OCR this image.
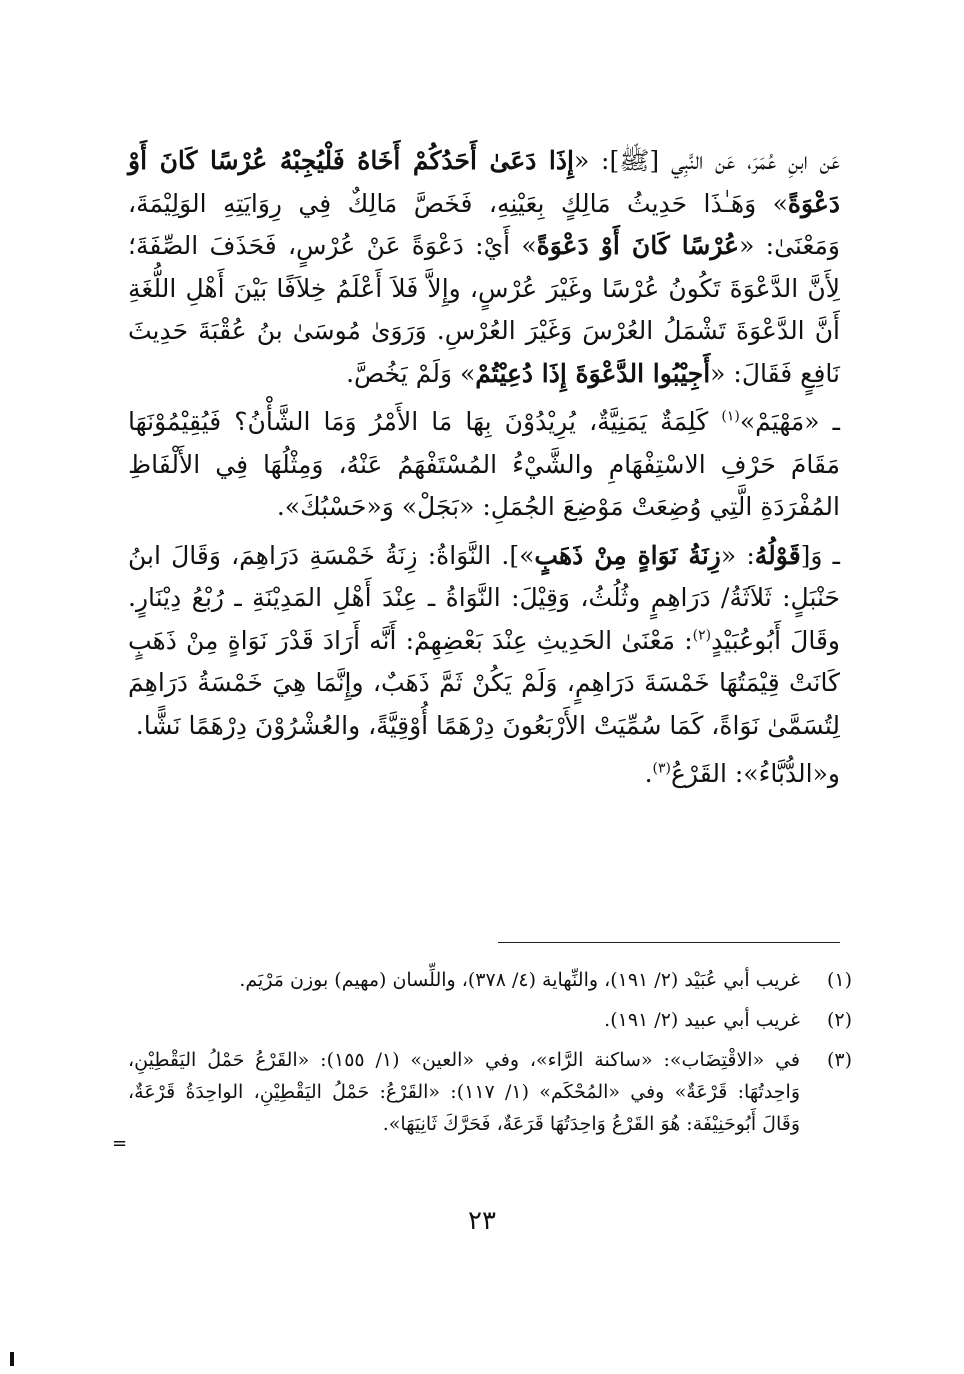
عَن ابنِ عُمَرَ، عَن النَّبِي [ﷺ]: «إِذَا دَعَىٰ أَحَدُكُمْ أَخَاهُ فَلْيُجِبْهُ عُرْسًا كَانَ أَوْ دَعْوَةً» وَهَـٰذَا حَدِيثُ مَالِكٍ بِعَيْنِهِ، فَخَصَّ مَالِكٌ فِي رِوَايَتِهِ الوَلِيْمَةَ، وَمَعْنَىٰ: «عُرْسًا كَانَ أَوْ دَعْوَةً» أَيْ: دَعْوَةً عَنْ عُرْسٍ، فَحَذَفَ الصِّفَةَ؛ لِأَنَّ الدَّعْوَةَ تَكُونُ عُرْسًا وغَيْرَ عُرْسٍ، وإِلاَّ فَلاَ أَعْلَمُ خِلاَفًا بَيْنَ أَهْلِ اللُّغَةِ أَنَّ الدَّعْوَةَ تَشْمَلُ العُرْسَ وَغَيْرَ العُرْسِ. وَرَوَىٰ مُوسَىٰ بنُ عُقْبَةَ حَدِيثَ نَافِعٍ فَقَالَ: «أَجِيْبُوا الدَّعْوَةَ إِذَا دُعِيْتُمْ» وَلَمْ يَخُصَّ.

ـ «مَهْيَمْ»$^{(١)}$ كَلِمَةٌ يَمَنِيَّةٌ، يُرِيْدُوْنَ بِهَا مَا الأَمْرُ وَمَا الشَّأْنُ؟ فَيُقِيْمُوْنَهَا مَقَامَ حَرْفِ الاسْتِفْهَامِ والشَّيْءُ المُسْتَفْهَمُ عَنْهُ، وَمِثْلُهَا فِي الأَلْفَاظِ المُفْرَدَةِ الَّتِي وُضِعَتْ مَوْضِعَ الجُمَلِ: «بَجَلْ» وَ«حَسْبُكَ».

ـ وَ[قَوْلُهُ: «زِنَةُ نَوَاةٍ مِنْ ذَهَبٍ»]. النَّوَاةُ: زِنَةُ خَمْسَةِ دَرَاهِمَ، وَقَالَ ابنُ حَنْبَلٍ: ثَلاَثَةُ/ دَرَاهِمٍ وثُلُثُ، وَقِيْلَ: النَّوَاةُ ـ عِنْدَ أَهْلِ المَدِيْنَةِ ـ رُبْعُ دِيْنَارٍ. وقَالَ أَبُوعُبَيْدٍ$^{(٢)}$: مَعْنَىٰ الحَدِيثِ عِنْدَ بَعْضِهِمْ: أَنَّه أَرَادَ قَدْرَ نَوَاةٍ مِنْ ذَهَبٍ كَانَتْ قِيْمَتُهَا خَمْسَةَ دَرَاهِمٍ، وَلَمْ يَكُنْ ثَمَّ ذَهَبٌ، وإِنَّمَا هِيَ خَمْسَةُ دَرَاهِمَ لِتُسَمَّىٰ نَوَاةً، كَمَا سُمِّيَتْ الأَرْبَعُونَ دِرْهَمًا أُوْقِيَّةً، والعُشْرُوْنَ دِرْهَمًا نَشًّا.

و«الدُّبَّاءُ»: القَرْعُ$^{(٣)}$.

(١)
غريب أبي عُبَيْد (٢/ ١٩١)، والنِّهاية (٤/ ٣٧٨)، واللِّسان (مهيم) بوزن مَرْيَم.
(٢)
غريب أبي عبيد (٢/ ١٩١).
(٣)
في «الاقْتِضَاب»: «ساكنة الرَّاء»، وفي «العين» (١/ ١٥٥): «القَرْعُ حَمْلُ اليَقْطِيْنِ، وَاحِدتُهَا: قَرْعَةٌ» وفي «المُحْكَم» (١/ ١١٧): «القَرْعُ: حَمْلُ اليَقْطِيْنِ، الواحِدَةُ قَرْعَةٌ، وَقَالَ أَبُوحَنِيْفَة: هُوَ القَرْعُ وَاحِدَتُهَا قَرَعَةٌ، فَحَرَّكَ ثَانِيَهَا».
=
٢٣
